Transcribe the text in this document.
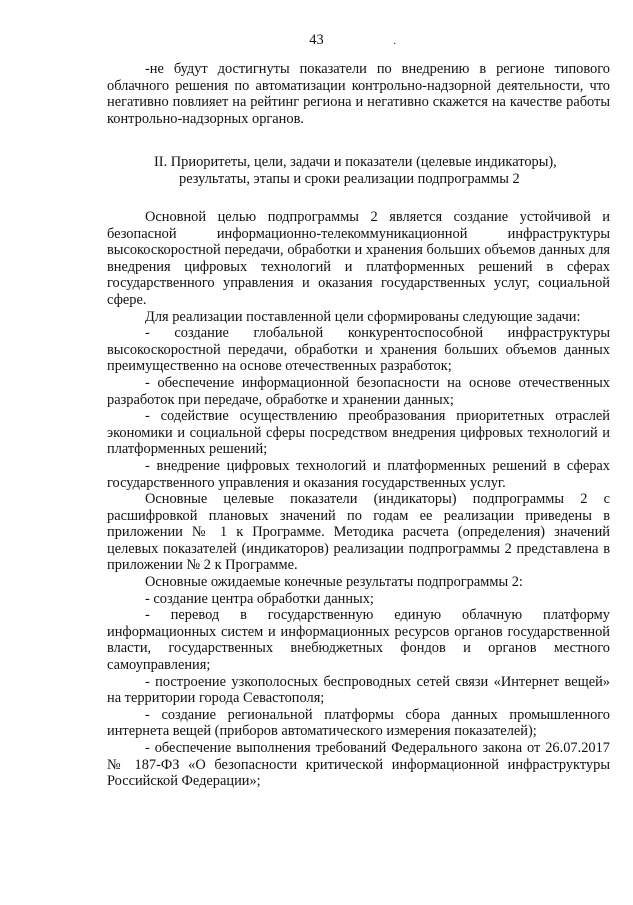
43	·

-не будут достигнуты показатели по внедрению в регионе типового облачного решения по автоматизации контрольно-надзорной деятельности, что негативно повлияет на рейтинг региона и негативно скажется на качестве работы контрольно-надзорных органов.

II. Приоритеты, цели, задачи и показатели (целевые индикаторы),
результаты, этапы и сроки реализации подпрограммы 2

Основной целью подпрограммы 2 является создание устойчивой и безопасной информационно-телекоммуникационной инфраструктуры высокоскоростной передачи, обработки и хранения больших объемов данных для внедрения цифровых технологий и платформенных решений в сферах государственного управления и оказания государственных услуг, социальной сфере.

Для реализации поставленной цели сформированы следующие задачи:

- создание глобальной конкурентоспособной инфраструктуры высокоскоростной передачи, обработки и хранения больших объемов данных преимущественно на основе отечественных разработок;

- обеспечение информационной безопасности на основе отечественных разработок при передаче, обработке и хранении данных;

- содействие осуществлению преобразования приоритетных отраслей экономики и социальной сферы посредством внедрения цифровых технологий и платформенных решений;

- внедрение цифровых технологий и платформенных решений в сферах государственного управления и оказания государственных услуг.

Основные целевые показатели (индикаторы) подпрограммы 2 с расшифровкой плановых значений по годам ее реализации приведены в приложении № 1 к Программе. Методика расчета (определения) значений целевых показателей (индикаторов) реализации подпрограммы 2 представлена в приложении № 2 к Программе.

Основные ожидаемые конечные результаты подпрограммы 2:

- создание центра обработки данных;

- перевод в государственную единую облачную платформу информационных систем и информационных ресурсов органов государственной власти, государственных внебюджетных фондов и органов местного самоуправления;

- построение узкополосных беспроводных сетей связи «Интернет вещей» на территории города Севастополя;

- создание региональной платформы сбора данных промышленного интернета вещей (приборов автоматического измерения показателей);

- обеспечение выполнения требований Федерального закона от 26.07.2017 № 187-ФЗ «О безопасности критической информационной инфраструктуры Российской Федерации»;
